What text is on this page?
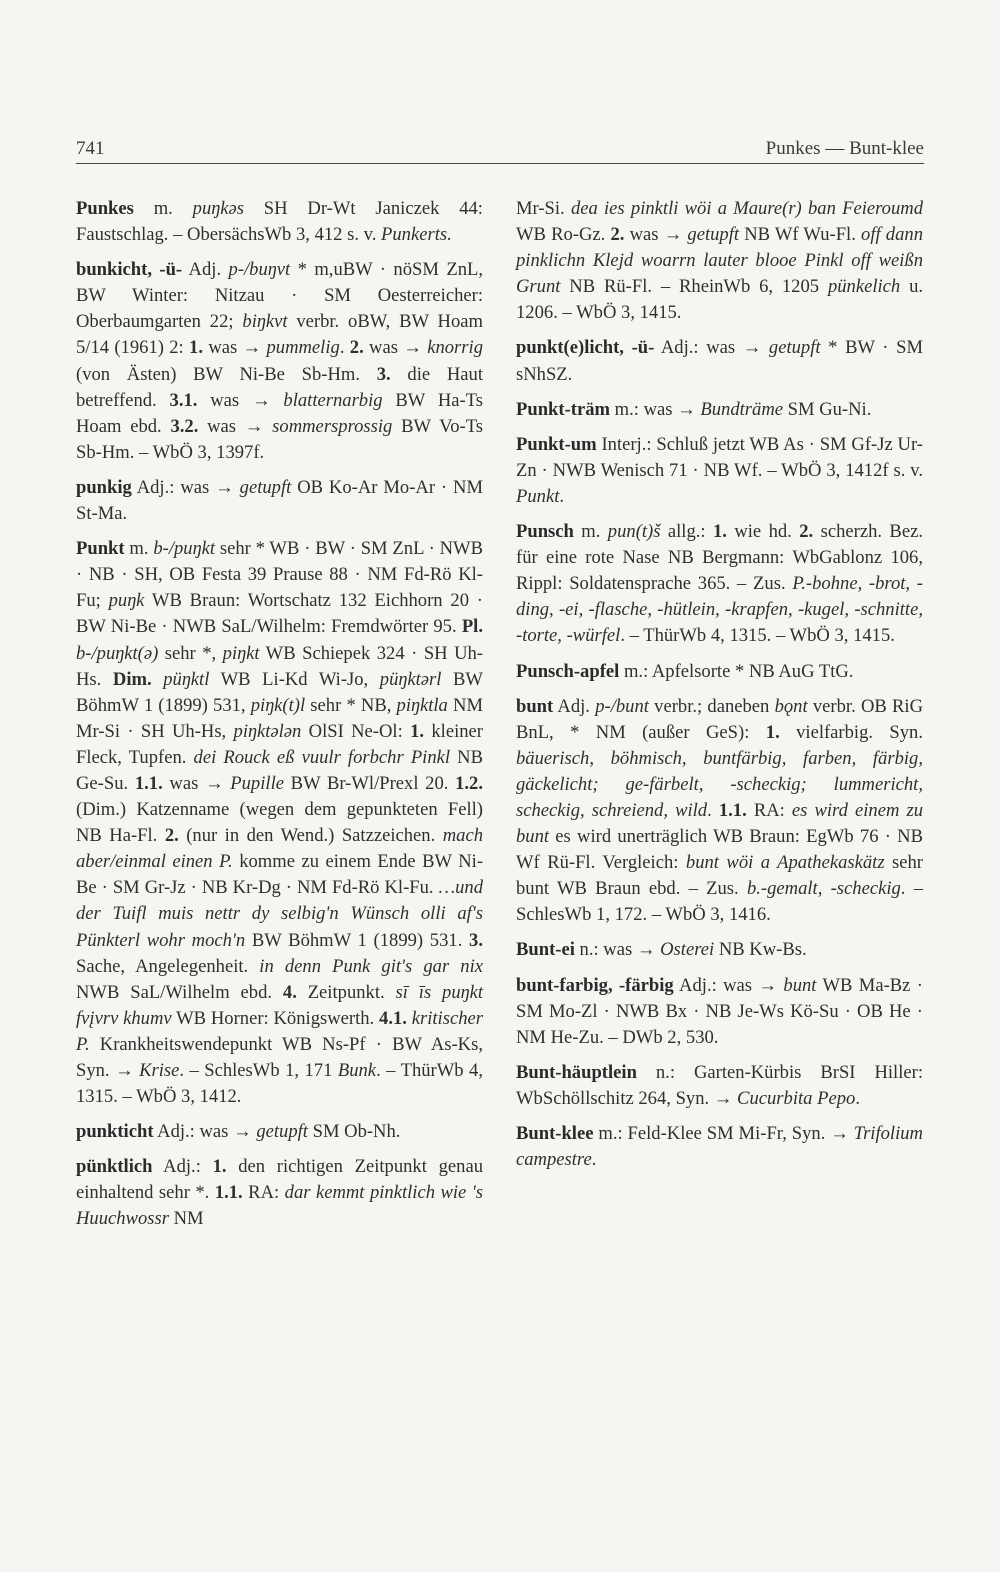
741	Punkes — Bunt-klee

Punkes m. puŋkəs SH Dr-Wt Janiczek 44: Faustschlag. – ObersächsWb 3, 412 s. v. Punkerts.

bunkicht, -ü- Adj. p-/buŋvt * m,uBW · nöSM ZnL, BW Winter: Nitzau · SM Oesterreicher: Oberbaumgarten 22; biŋkvt verbr. oBW, BW Hoam 5/14 (1961) 2: 1. was → pummelig. 2. was → knorrig (von Ästen) BW Ni-Be Sb-Hm. 3. die Haut betreffend. 3.1. was → blatternarbig BW Ha-Ts Hoam ebd. 3.2. was → sommersprossig BW Vo-Ts Sb-Hm. – WbÖ 3, 1397f.

punkig Adj.: was → getupft OB Ko-Ar Mo-Ar · NM St-Ma.

Punkt m. b-/puŋkt sehr * WB · BW · SM ZnL · NWB · NB · SH, OB Festa 39 Prause 88 · NM Fd-Rö Kl-Fu; puŋk WB Braun: Wortschatz 132 Eichhorn 20 · BW Ni-Be · NWB SaL/Wilhelm: Fremdwörter 95. Pl. b-/puŋkt(ə) sehr *, piŋkt WB Schiepek 324 · SH Uh-Hs. Dim. püŋktl WB Li-Kd Wi-Jo, püŋktərl BW BöhmW 1 (1899) 531, piŋk(t)l sehr * NB, piŋktla NM Mr-Si · SH Uh-Hs, piŋktələn OlSI Ne-Ol: 1. kleiner Fleck, Tupfen. dei Rouck eß vuulr forbchr Pinkl NB Ge-Su. 1.1. was → Pupille BW Br-Wl/Prexl 20. 1.2. (Dim.) Katzenname (wegen dem gepunkteten Fell) NB Ha-Fl. 2. (nur in den Wend.) Satzzeichen. mach aber/einmal einen P. komme zu einem Ende BW Ni-Be · SM Gr-Jz · NB Kr-Dg · NM Fd-Rö Kl-Fu. …und der Tuifl muis nettr dy selbig'n Wünsch olli af's Pünkterl wohr moch'n BW BöhmW 1 (1899) 531. 3. Sache, Angelegenheit. in denn Punk git's gar nix NWB SaL/Wilhelm ebd. 4. Zeitpunkt. sī īs puŋkt fvįvrv khumv WB Horner: Königswerth. 4.1. kritischer P. Krankheitswendepunkt WB Ns-Pf · BW As-Ks, Syn. → Krise. – SchlesWb 1, 171 Bunk. – ThürWb 4, 1315. – WbÖ 3, 1412.

punkticht Adj.: was → getupft SM Ob-Nh.

pünktlich Adj.: 1. den richtigen Zeitpunkt genau einhaltend sehr *. 1.1. RA: dar kemmt pinktlich wie 's Huuchwossr NM

Mr-Si. dea ies pinktli wöi a Maure(r) ban Feieroumd WB Ro-Gz. 2. was → getupft NB Wf Wu-Fl. off dann pinklichn Klejd woarrn lauter blooe Pinkl off weißn Grunt NB Rü-Fl. – RheinWb 6, 1205 pünkelich u. 1206. – WbÖ 3, 1415.

punkt(e)licht, -ü- Adj.: was → getupft * BW · SM sNhSZ.

Punkt-träm m.: was → Bundträme SM Gu-Ni.

Punkt-um Interj.: Schluß jetzt WB As · SM Gf-Jz Ur-Zn · NWB Wenisch 71 · NB Wf. – WbÖ 3, 1412f s. v. Punkt.

Punsch m. pun(t)š allg.: 1. wie hd. 2. scherzh. Bez. für eine rote Nase NB Bergmann: WbGablonz 106, Rippl: Soldatensprache 365. – Zus. P.-bohne, -brot, -ding, -ei, -flasche, -hütlein, -krapfen, -kugel, -schnitte, -torte, -würfel. – ThürWb 4, 1315. – WbÖ 3, 1415.

Punsch-apfel m.: Apfelsorte * NB AuG TtG.

bunt Adj. p-/bunt verbr.; daneben bǫnt verbr. OB RiG BnL, * NM (außer GeS): 1. vielfarbig. Syn. bäuerisch, böhmisch, buntfärbig, farben, färbig, gäckelicht; ge-färbelt, -scheckig; lummericht, scheckig, schreiend, wild. 1.1. RA: es wird einem zu bunt es wird unerträglich WB Braun: EgWb 76 · NB Wf Rü-Fl. Vergleich: bunt wöi a Apathekaskätz sehr bunt WB Braun ebd. – Zus. b.-gemalt, -scheckig. – SchlesWb 1, 172. – WbÖ 3, 1416.

Bunt-ei n.: was → Osterei NB Kw-Bs.

bunt-farbig, -färbig Adj.: was → bunt WB Ma-Bz · SM Mo-Zl · NWB Bx · NB Je-Ws Kö-Su · OB He · NM He-Zu. – DWb 2, 530.

Bunt-häuptlein n.: Garten-Kürbis BrSI Hiller: WbSchöllschitz 264, Syn. → Cucurbita Pepo.

Bunt-klee m.: Feld-Klee SM Mi-Fr, Syn. → Trifolium campestre.
